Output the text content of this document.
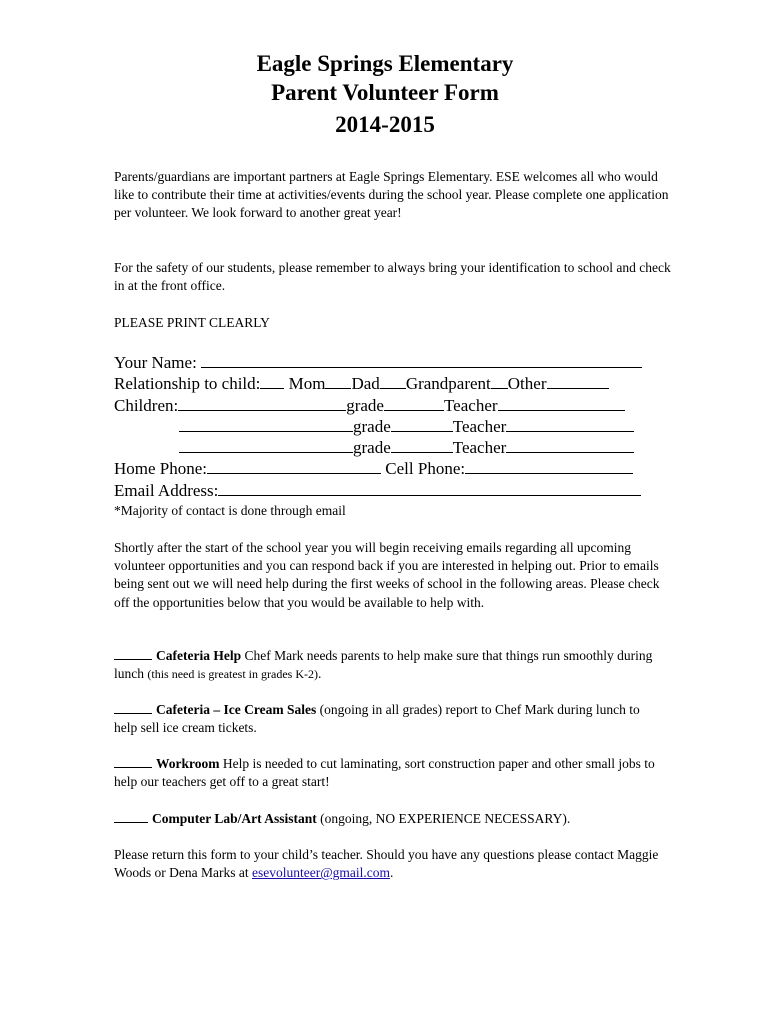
Eagle Springs Elementary
Parent Volunteer Form
2014-2015

Parents/guardians are important partners at Eagle Springs Elementary. ESE welcomes all who would like to contribute their time at activities/events during the school year. Please complete one application per volunteer. We look forward to another great year!

For the safety of our students, please remember to always bring your identification to school and check in at the front office.

PLEASE PRINT CLEARLY

Your Name:
Relationship to child: Mom Dad Grandparent Other
Children:	grade	Teacher
grade	Teacher
grade	Teacher
Home Phone:	Cell Phone:
Email Address:
*Majority of contact is done through email

Shortly after the start of the school year you will begin receiving emails regarding all upcoming volunteer opportunities and you can respond back if you are interested in helping out. Prior to emails being sent out we will need help during the first weeks of school in the following areas. Please check off the opportunities below that you would be available to help with.

Cafeteria Help Chef Mark needs parents to help make sure that things run smoothly during lunch (this need is greatest in grades K-2).

Cafeteria – Ice Cream Sales (ongoing in all grades) report to Chef Mark during lunch to help sell ice cream tickets.

Workroom Help is needed to cut laminating, sort construction paper and other small jobs to help our teachers get off to a great start!

Computer Lab/Art Assistant (ongoing, NO EXPERIENCE NECESSARY).

Please return this form to your child’s teacher. Should you have any questions please contact Maggie Woods or Dena Marks at esevolunteer@gmail.com.
